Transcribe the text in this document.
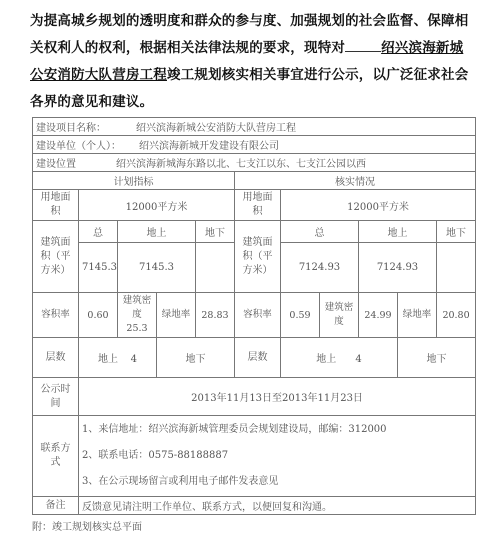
为提高城乡规划的透明度和群众的参与度、加强规划的社会监督、保障相关权利人的权利，根据相关法律法规的要求，现特对	绍兴滨海新城公安消防大队营房工程竣工规划核实相关事宜进行公示，以广泛征求社会各界的意见和建议。
建设项目名称： 绍兴滨海新城公安消防大队营房工程										
建设单位（个人）： 绍兴滨海新城开发建设有限公司										
建设位置 绍兴滨海新城海东路以北、七支江以东、七支江公园以西										
计划指标					核实情况					
用地面积	12000平方米				用地面积	12000平方米				
建筑面积（平方米）	总	地上		地下	建筑面积（平方米）	总		地上		地下
	7145.3	7145.3				7124.93		7124.93		
容积率	0.60	建筑密度 25.3	绿地率	28.83	容积率	0.59	建筑密度	24.99	绿地率	20.80
层数	地上 4		地下		层数	地上 4			地下	
公示时间	2013年11月13日至2013年11月23日									
联系方式	1、来信地址：绍兴滨海新城管理委员会规划建设局，邮编：312000
2、联系电话：0575-88188887
3、在公示现场留言或利用电子邮件发表意见									

备注	反馈意见请注明工作单位、联系方式，以便回复和沟通。									
附：竣工规划核实总平面
